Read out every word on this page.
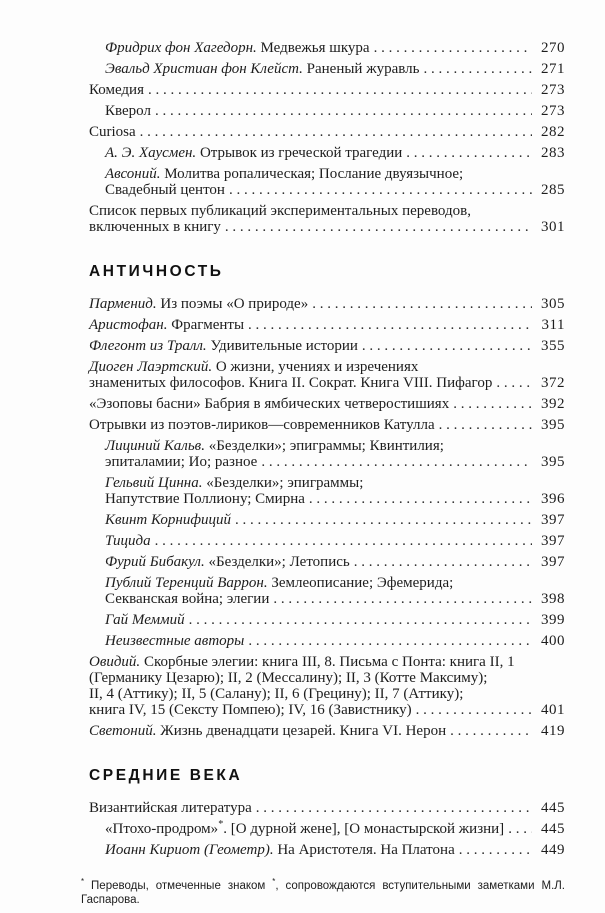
Фридрих фон Хагедорн. Медвежья шкура . . .	270
Эвальд Христиан фон Клейст. Раненый журавль . . .	271
Комедия . . .	273
Кверол . . .	273
Curiosa . . .	282
А. Э. Хаусмен. Отрывок из греческой трагедии . . .	283
Авсоний. Молитва ропалическая; Послание двуязычное;
Свадебный центон . . .	285
Список первых публикаций экспериментальных переводов,
включенных в книгу . . .	301
АНТИЧНОСТЬ
Парменид. Из поэмы «О природе» . . .	305
Аристофан. Фрагменты . . .	311
Флегонт из Тралл. Удивительные истории . . .	355
Диоген Лаэртский. О жизни, учениях и изречениях
знаменитых философов. Книга II. Сократ. Книга VIII. Пифагор . . .	372
«Эзоповы басни» Бабрия в ямбических четверостишиях . . .	392
Отрывки из поэтов-лириков—современников Катулла . . .	395
Лициний Кальв. «Безделки»; эпиграммы; Квинтилия;
эпиталамии; Ио; разное . . .	395
Гельвий Цинна. «Безделки»; эпиграммы;
Напутствие Поллиону; Смирна . . .	396
Квинт Корнифиций . . .	397
Тицида . . .	397
Фурий Бибакул. «Безделки»; Летопись . . .	397
Публий Теренций Варрон. Землеописание; Эфемерида;
Секванская война; элегии . . .	398
Гай Меммий . . .	399
Неизвестные авторы . . .	400
Овидий. Скорбные элегии: книга III, 8. Письма с Понта: книга II, 1
(Германику Цезарю); II, 2 (Мессалину); II, 3 (Котте Максиму);
II, 4 (Аттику); II, 5 (Салану); II, 6 (Грецину); II, 7 (Аттику);
книга IV, 15 (Сексту Помпею); IV, 16 (Завистнику) . . .	401
Светоний. Жизнь двенадцати цезарей. Книга VI. Нерон . . .	419
СРЕДНИЕ ВЕКА
Византийская литература . . .	445
«Птохо-продром»*. [О дурной жене], [О монастырской жизни] . . .	445
Иоанн Кириот (Геометр). На Аристотеля. На Платона . . .	449
* Переводы, отмеченные знаком *, сопровождаются вступительными заметками М.Л. Гаспарова.
